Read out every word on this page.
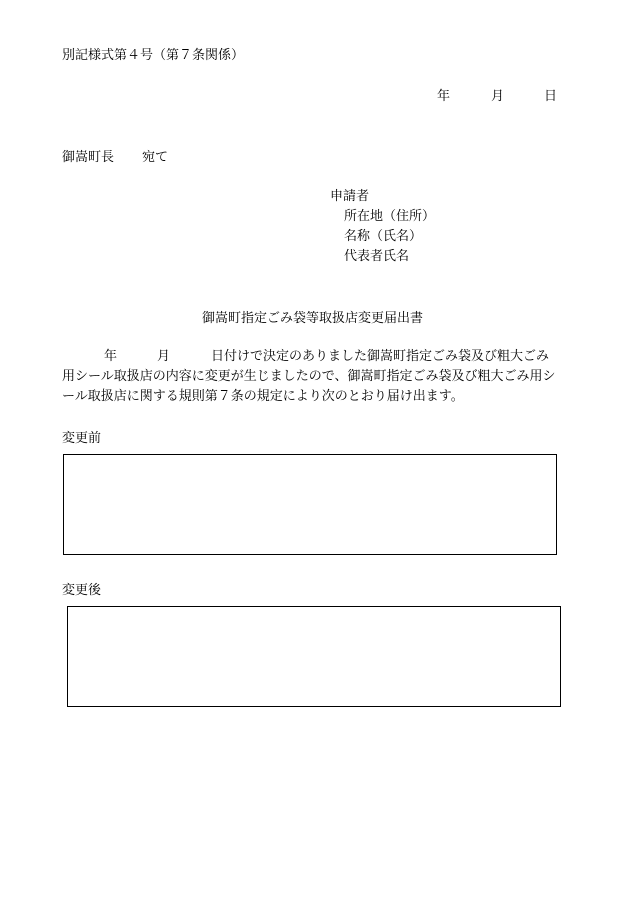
別記様式第４号（第７条関係）
年	月	日
御嵩町長 宛て
申請者
所在地（住所）
名称（氏名）
代表者氏名
御嵩町指定ごみ袋等取扱店変更届出書
年	月	日付けで決定のありました御嵩町指定ごみ袋及び粗大ごみ
用シール取扱店の内容に変更が生じましたので、御嵩町指定ごみ袋及び粗大ごみ用シ
ール取扱店に関する規則第７条の規定により次のとおり届け出ます。
変更前
変更後
